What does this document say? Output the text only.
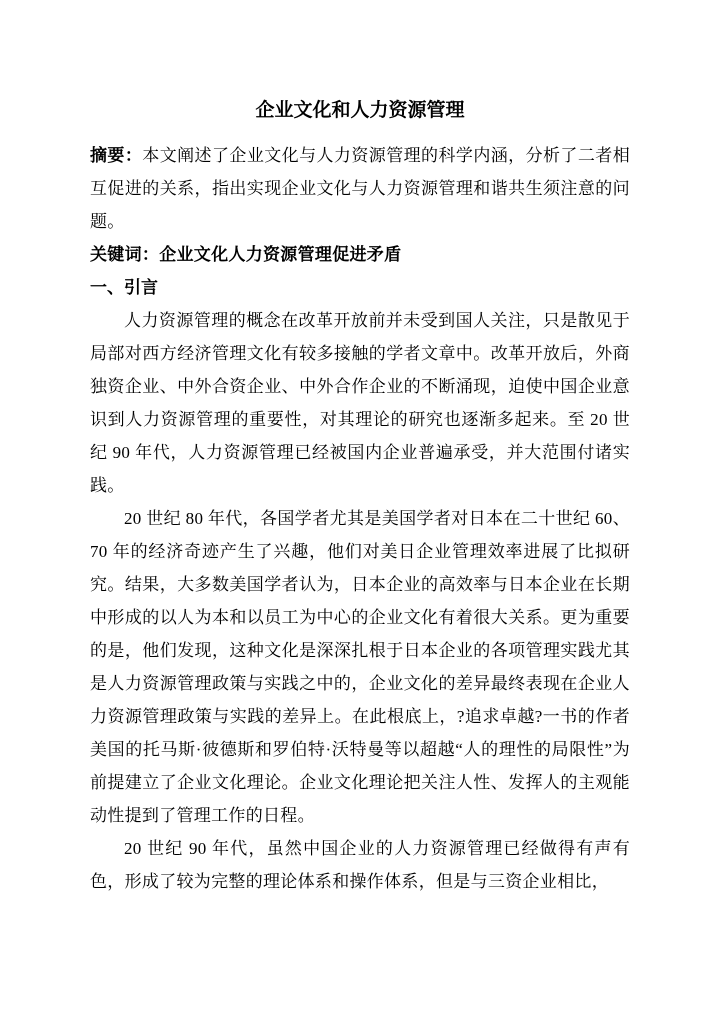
企业文化和人力资源管理

摘要：本文阐述了企业文化与人力资源管理的科学内涵，分析了二者相互促进的关系，指出实现企业文化与人力资源管理和谐共生须注意的问题。

关键词：企业文化人力资源管理促进矛盾

一、引言

人力资源管理的概念在改革开放前并未受到国人关注，只是散见于局部对西方经济管理文化有较多接触的学者文章中。改革开放后，外商独资企业、中外合资企业、中外合作企业的不断涌现，迫使中国企业意识到人力资源管理的重要性，对其理论的研究也逐渐多起来。至 20 世纪 90 年代，人力资源管理已经被国内企业普遍承受，并大范围付诸实践。

20 世纪 80 年代，各国学者尤其是美国学者对日本在二十世纪 60、70 年的经济奇迹产生了兴趣，他们对美日企业管理效率进展了比拟研究。结果，大多数美国学者认为，日本企业的高效率与日本企业在长期中形成的以人为本和以员工为中心的企业文化有着很大关系。更为重要的是，他们发现，这种文化是深深扎根于日本企业的各项管理实践尤其是人力资源管理政策与实践之中的，企业文化的差异最终表现在企业人力资源管理政策与实践的差异上。在此根底上，?追求卓越?一书的作者美国的托马斯·彼德斯和罗伯特·沃特曼等以超越“人的理性的局限性”为前提建立了企业文化理论。企业文化理论把关注人性、发挥人的主观能动性提到了管理工作的日程。

20 世纪 90 年代，虽然中国企业的人力资源管理已经做得有声有色，形成了较为完整的理论体系和操作体系，但是与三资企业相比，
